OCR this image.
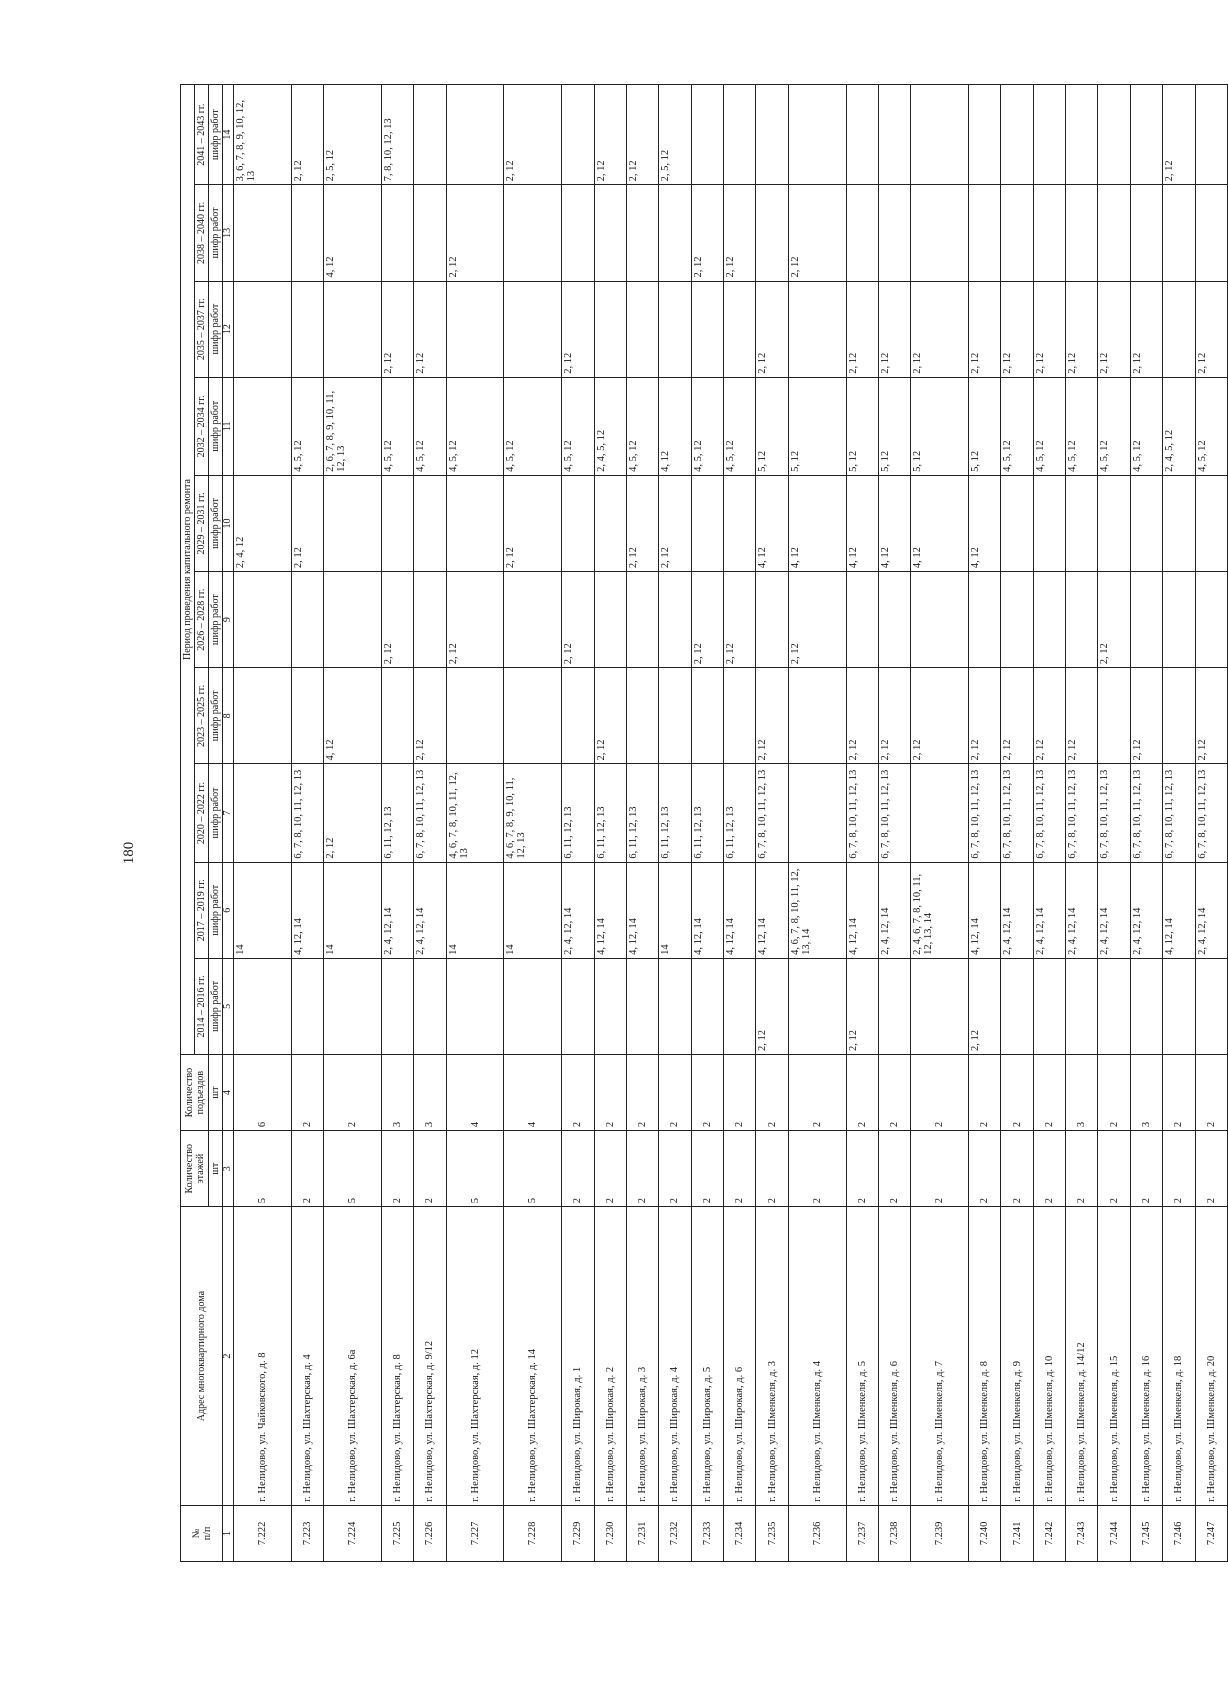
180
№
п/п	Адрес многоквартирного дома	Количество этажей	Количество подъездов	Период проведения капитального ремонта									
				2014 – 2016 гг.	2017 – 2019 гг.	2020 – 2022 гг.	2023 – 2025 гг.	2026 – 2028 гг.	2029 – 2031 гг.	2032 – 2034 гг.	2035 – 2037 гг.	2038 – 2040 гг.	2041 – 2043 гг.
		шт	шт	шифр работ	шифр работ	шифр работ	шифр работ	шифр работ	шифр работ	шифр работ	шифр работ	шифр работ	шифр работ
1	2	3	4	5	6	7	8	9	10	11	12	13	14
7.222	г. Нелидово, ул. Чайковского, д. 8	5	6		14				2, 4, 12				3, 6, 7, 8, 9, 10, 12, 13
7.223	г. Нелидово, ул. Шахтерская, д. 4	2	2		4, 12, 14	6, 7, 8, 10, 11, 12, 13			2, 12	4, 5, 12			2, 12
7.224	г. Нелидово, ул. Шахтерская, д. 6а	5	2		14	2, 12	4, 12			2, 6, 7, 8, 9, 10, 11, 12, 13		4, 12	2, 5, 12
7.225	г. Нелидово, ул. Шахтерская, д. 8	2	3		2, 4, 12, 14	6, 11, 12, 13		2, 12		4, 5, 12	2, 12		7, 8, 10, 12, 13
7.226	г. Нелидово, ул. Шахтерская, д. 9/12	2	3		2, 4, 12, 14	6, 7, 8, 10, 11, 12, 13	2, 12			4, 5, 12	2, 12		
7.227	г. Нелидово, ул. Шахтерская, д. 12	5	4		14	4, 6, 7, 8, 10, 11, 12, 13		2, 12		4, 5, 12		2, 12	
7.228	г. Нелидово, ул. Шахтерская, д. 14	5	4		14	4, 6, 7, 8, 9, 10, 11, 12, 13			2, 12	4, 5, 12			2, 12
7.229	г. Нелидово, ул. Широкая, д. 1	2	2		2, 4, 12, 14	6, 11, 12, 13		2, 12		4, 5, 12	2, 12		
7.230	г. Нелидово, ул. Широкая, д. 2	2	2		4, 12, 14	6, 11, 12, 13	2, 12			2, 4, 5, 12			2, 12
7.231	г. Нелидово, ул. Широкая, д. 3	2	2		4, 12, 14	6, 11, 12, 13			2, 12	4, 5, 12			2, 12
7.232	г. Нелидово, ул. Широкая, д. 4	2	2		14	6, 11, 12, 13			2, 12	4, 12			2, 5, 12
7.233	г. Нелидово, ул. Широкая, д. 5	2	2		4, 12, 14	6, 11, 12, 13		2, 12		4, 5, 12		2, 12	
7.234	г. Нелидово, ул. Широкая, д. 6	2	2		4, 12, 14	6, 11, 12, 13		2, 12		4, 5, 12		2, 12	
7.235	г. Нелидово, ул. Шменкеля, д. 3	2	2	2, 12	4, 12, 14	6, 7, 8, 10, 11, 12, 13	2, 12		4, 12	5, 12	2, 12		
7.236	г. Нелидово, ул. Шменкеля, д. 4	2	2		4, 6, 7, 8, 10, 11, 12, 13, 14			2, 12	4, 12	5, 12		2, 12	
7.237	г. Нелидово, ул. Шменкеля, д. 5	2	2	2, 12	4, 12, 14	6, 7, 8, 10, 11, 12, 13	2, 12		4, 12	5, 12	2, 12		
7.238	г. Нелидово, ул. Шменкеля, д. 6	2	2		2, 4, 12, 14	6, 7, 8, 10, 11, 12, 13	2, 12		4, 12	5, 12	2, 12		
7.239	г. Нелидово, ул. Шменкеля, д. 7	2	2		2, 4, 6, 7, 8, 10, 11, 12, 13, 14		2, 12		4, 12	5, 12	2, 12		
7.240	г. Нелидово, ул. Шменкеля, д. 8	2	2	2, 12	4, 12, 14	6, 7, 8, 10, 11, 12, 13	2, 12		4, 12	5, 12	2, 12		
7.241	г. Нелидово, ул. Шменкеля, д. 9	2	2		2, 4, 12, 14	6, 7, 8, 10, 11, 12, 13	2, 12			4, 5, 12	2, 12		
7.242	г. Нелидово, ул. Шменкеля, д. 10	2	2		2, 4, 12, 14	6, 7, 8, 10, 11, 12, 13	2, 12			4, 5, 12	2, 12		
7.243	г. Нелидово, ул. Шменкеля, д. 14/12	2	3		2, 4, 12, 14	6, 7, 8, 10, 11, 12, 13	2, 12			4, 5, 12	2, 12		
7.244	г. Нелидово, ул. Шменкеля, д. 15	2	2		2, 4, 12, 14	6, 7, 8, 10, 11, 12, 13		2, 12		4, 5, 12	2, 12		
7.245	г. Нелидово, ул. Шменкеля, д. 16	2	3		2, 4, 12, 14	6, 7, 8, 10, 11, 12, 13	2, 12			4, 5, 12	2, 12		
7.246	г. Нелидово, ул. Шменкеля, д. 18	2	2		4, 12, 14	6, 7, 8, 10, 11, 12, 13				2, 4, 5, 12			2, 12
7.247	г. Нелидово, ул. Шменкеля, д. 20	2	2		2, 4, 12, 14	6, 7, 8, 10, 11, 12, 13	2, 12			4, 5, 12	2, 12		
